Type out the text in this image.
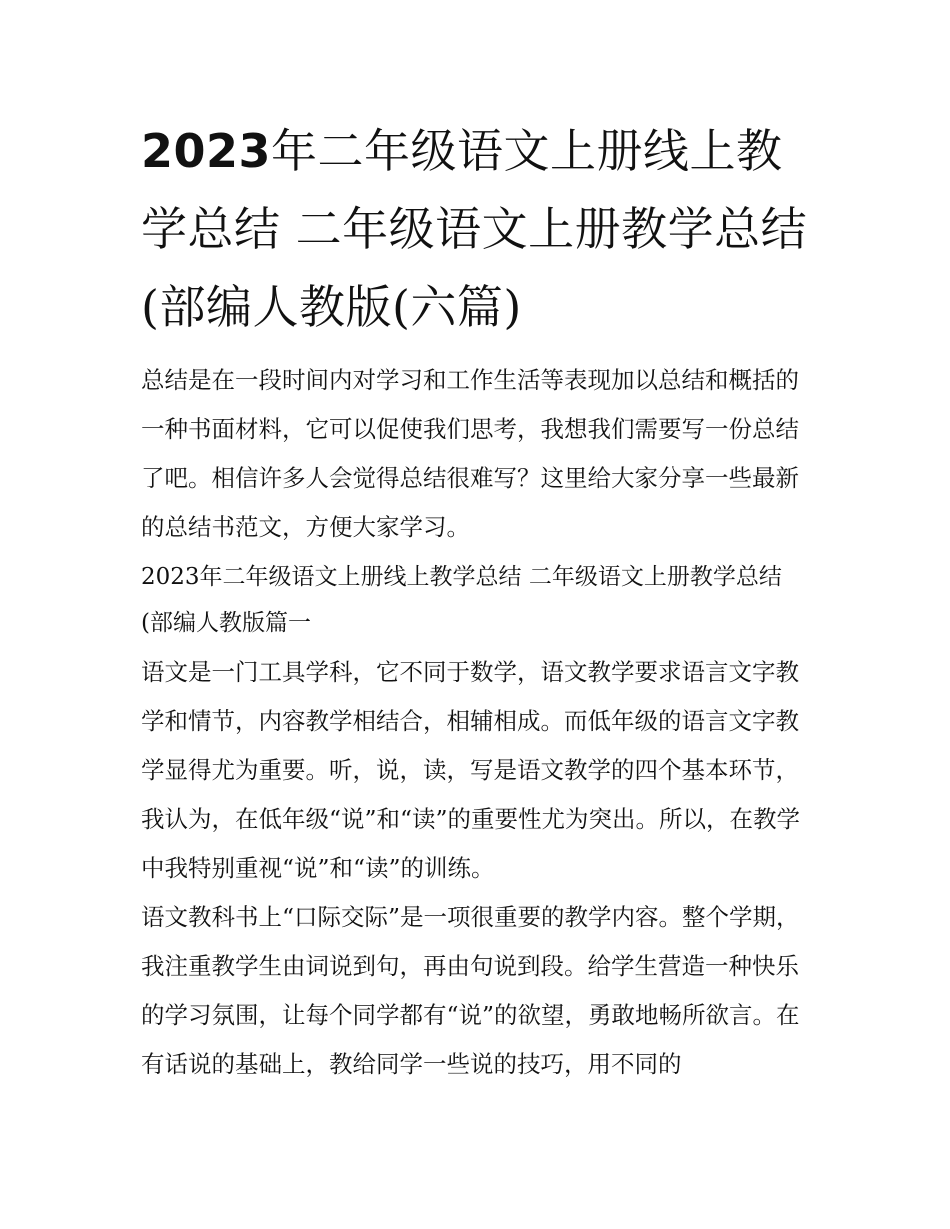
2023年二年级语文上册线上教学总结 二年级语文上册教学总结(部编人教版(六篇)

总结是在一段时间内对学习和工作生活等表现加以总结和概括的一种书面材料，它可以促使我们思考，我想我们需要写一份总结了吧。相信许多人会觉得总结很难写？这里给大家分享一些最新的总结书范文，方便大家学习。

2023年二年级语文上册线上教学总结 二年级语文上册教学总结(部编人教版篇一

语文是一门工具学科，它不同于数学，语文教学要求语言文字教学和情节，内容教学相结合，相辅相成。而低年级的语言文字教学显得尤为重要。听，说，读，写是语文教学的四个基本环节，我认为，在低年级“说”和“读”的重要性尤为突出。所以，在教学中我特别重视“说”和“读”的训练。

语文教科书上“口际交际”是一项很重要的教学内容。整个学期，我注重教学生由词说到句，再由句说到段。给学生营造一种快乐的学习氛围，让每个同学都有“说”的欲望，勇敢地畅所欲言。在有话说的基础上，教给同学一些说的技巧，用不同的
